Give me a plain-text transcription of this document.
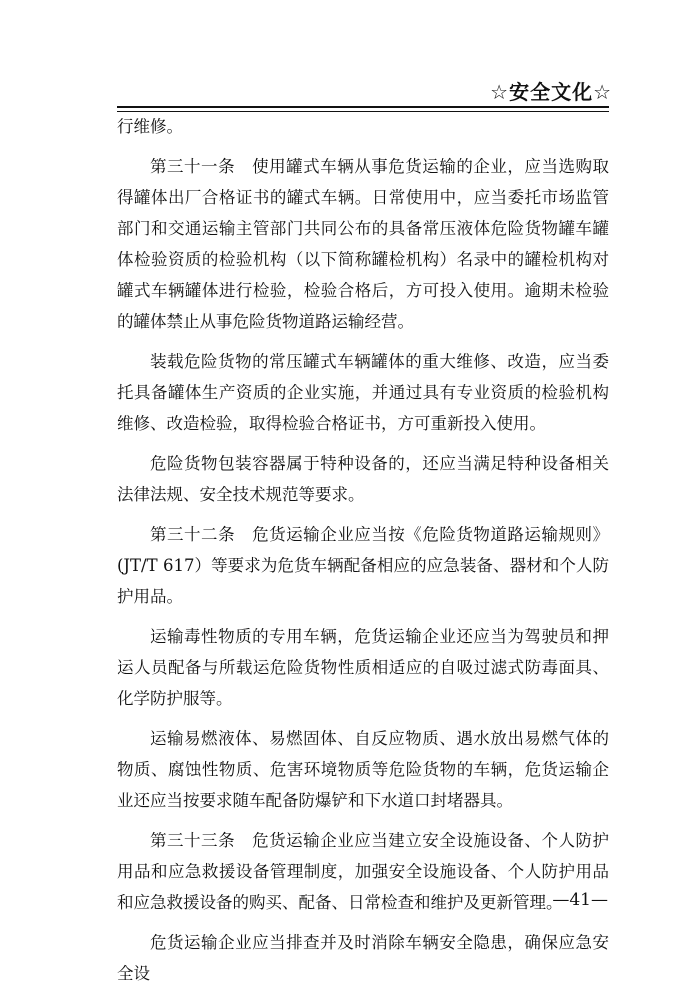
☆安全文化☆

行维修。

第三十一条　使用罐式车辆从事危货运输的企业，应当选购取得罐体出厂合格证书的罐式车辆。日常使用中，应当委托市场监管部门和交通运输主管部门共同公布的具备常压液体危险货物罐车罐体检验资质的检验机构（以下简称罐检机构）名录中的罐检机构对罐式车辆罐体进行检验，检验合格后，方可投入使用。逾期未检验的罐体禁止从事危险货物道路运输经营。

装载危险货物的常压罐式车辆罐体的重大维修、改造，应当委托具备罐体生产资质的企业实施，并通过具有专业资质的检验机构维修、改造检验，取得检验合格证书，方可重新投入使用。

危险货物包装容器属于特种设备的，还应当满足特种设备相关法律法规、安全技术规范等要求。

第三十二条　危货运输企业应当按《危险货物道路运输规则》(JT/T 617）等要求为危货车辆配备相应的应急装备、器材和个人防护用品。

运输毒性物质的专用车辆，危货运输企业还应当为驾驶员和押运人员配备与所载运危险货物性质相适应的自吸过滤式防毒面具、化学防护服等。

运输易燃液体、易燃固体、自反应物质、遇水放出易燃气体的物质、腐蚀性物质、危害环境物质等危险货物的车辆，危货运输企业还应当按要求随车配备防爆铲和下水道口封堵器具。

第三十三条　危货运输企业应当建立安全设施设备、个人防护用品和应急救援设备管理制度，加强安全设施设备、个人防护用品和应急救援设备的购买、配备、日常检查和维护及更新管理。

危货运输企业应当排查并及时消除车辆安全隐患，确保应急安全设

—41—
